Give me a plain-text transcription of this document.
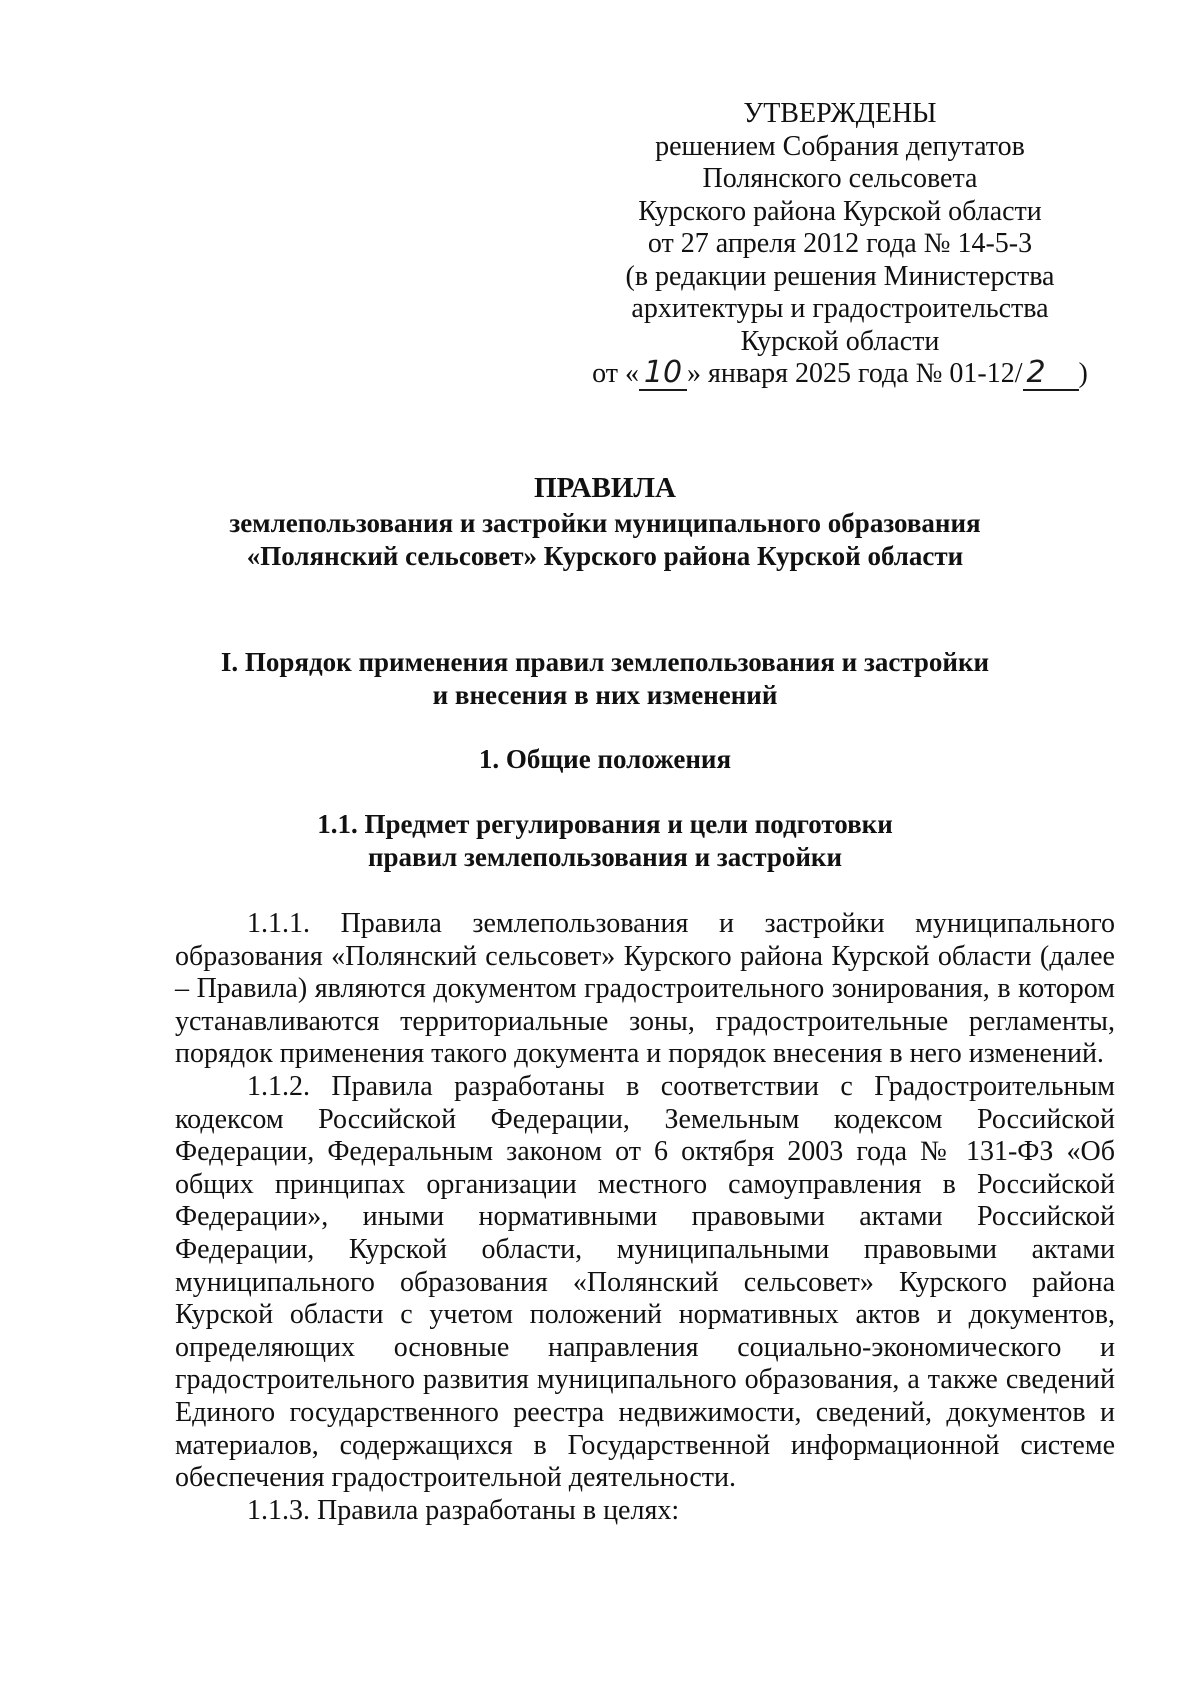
УТВЕРЖДЕНЫ
решением Собрания депутатов
Полянского сельсовета
Курского района Курской области
от 27 апреля 2012 года № 14-5-3
(в редакции решения Министерства
архитектуры и градостроительства
Курской области
от « 10 » января 2025 года № 01-12/ 2 )
ПРАВИЛА
землепользования и застройки муниципального образования
«Полянский сельсовет» Курского района Курской области
I. Порядок применения правил землепользования и застройки
и внесения в них изменений
1. Общие положения
1.1. Предмет регулирования и цели подготовки
правил землепользования и застройки

1.1.1. Правила землепользования и застройки муниципального образования «Полянский сельсовет» Курского района Курской области (далее – Правила) являются документом градостроительного зонирования, в котором устанавливаются территориальные зоны, градостроительные регламенты, порядок применения такого документа и порядок внесения в него изменений.

1.1.2. Правила разработаны в соответствии с Градостроительным кодексом Российской Федерации, Земельным кодексом Российской Федерации, Федеральным законом от 6 октября 2003 года № 131-ФЗ «Об общих принципах организации местного самоуправления в Российской Федерации», иными нормативными правовыми актами Российской Федерации, Курской области, муниципальными правовыми актами муниципального образования «Полянский сельсовет» Курского района Курской области с учетом положений нормативных актов и документов, определяющих основные направления социально-экономического и градостроительного развития муниципального образования, а также сведений Единого государственного реестра недвижимости, сведений, документов и материалов, содержащихся в Государственной информационной системе обеспечения градостроительной деятельности.

1.1.3. Правила разработаны в целях:
